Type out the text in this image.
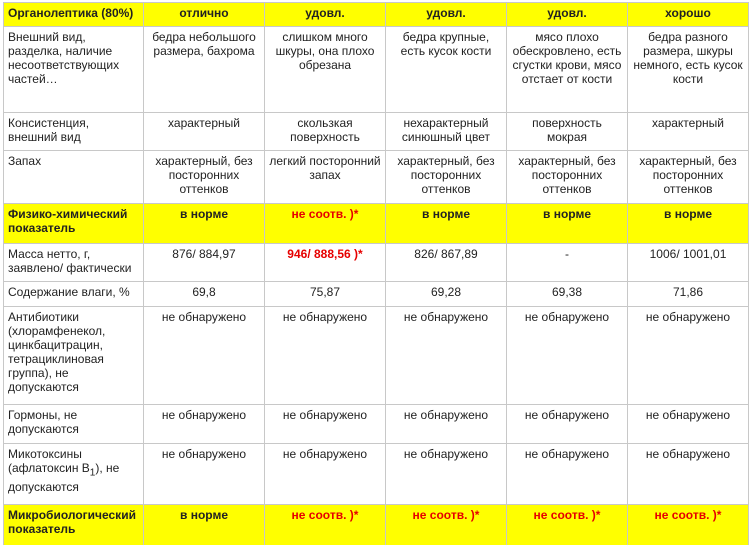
Органолептика (80%)	отлично	удовл.	удовл.	удовл.	хорошо
Внешний вид, разделка, наличие несоответствующих частей…	бедра небольшого размера, бахрома	слишком много шкуры, она плохо обрезана	бедра крупные, есть кусок кости	мясо плохо обескровлено, есть сгустки крови, мясо отстает от кости	бедра разного размера, шкуры немного, есть кусок кости
Консистенция, внешний вид	характерный	скользкая поверхность	нехарактерный синюшный цвет	поверхность мокрая	характерный
Запах	характерный, без посторонних оттенков	легкий посторонний запах	характерный, без посторонних оттенков	характерный, без посторонних оттенков	характерный, без посторонних оттенков
Физико-химический показатель	в норме	не соотв. )*	в норме	в норме	в норме
Масса нетто, г, заявлено/ фактически	876/ 884,97	946/ 888,56 )*	826/ 867,89	-	1006/ 1001,01
Содержание влаги, %	69,8	75,87	69,28	69,38	71,86
Антибиотики (хлорамфенекол, цинкбацитрацин, тетрациклиновая группа), не допускаются	не обнаружено	не обнаружено	не обнаружено	не обнаружено	не обнаружено
Гормоны, не допускаются	не обнаружено	не обнаружено	не обнаружено	не обнаружено	не обнаружено
Микотоксины (афлатоксин $В_1$), не допускаются	не обнаружено	не обнаружено	не обнаружено	не обнаружено	не обнаружено
Микробиологический показатель	в норме	не соотв. )*	не соотв. )*	не соотв. )*	не соотв. )*
